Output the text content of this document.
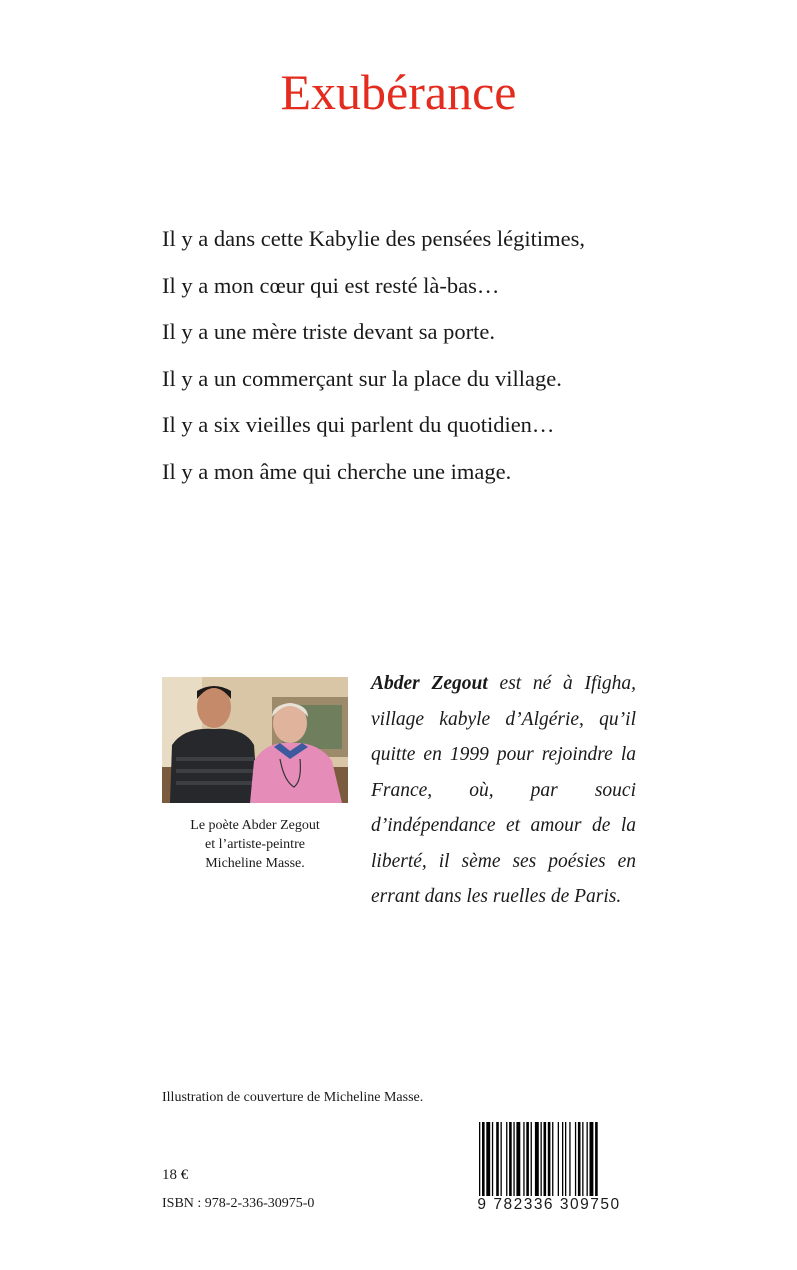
Exubérance
Il y a dans cette Kabylie des pensées légitimes,
Il y a mon cœur qui est resté là-bas…
Il y a une mère triste devant sa porte.
Il y a un commerçant sur la place du village.
Il y a six vieilles qui parlent du quotidien…
Il y a mon âme qui cherche une image.
Le poète Abder Zegout
et l’artiste-peintre
Micheline Masse.
Abder Zegout est né à Ifigha, village kabyle d’Algérie, qu’il quitte en 1999 pour rejoindre la France, où, par souci d’indépendance et amour de la liberté, il sème ses poésies en errant dans les ruelles de Paris.
Illustration de couverture de Micheline Masse.
18 €
ISBN : 978-2-336-30975-0	9 782336 309750
